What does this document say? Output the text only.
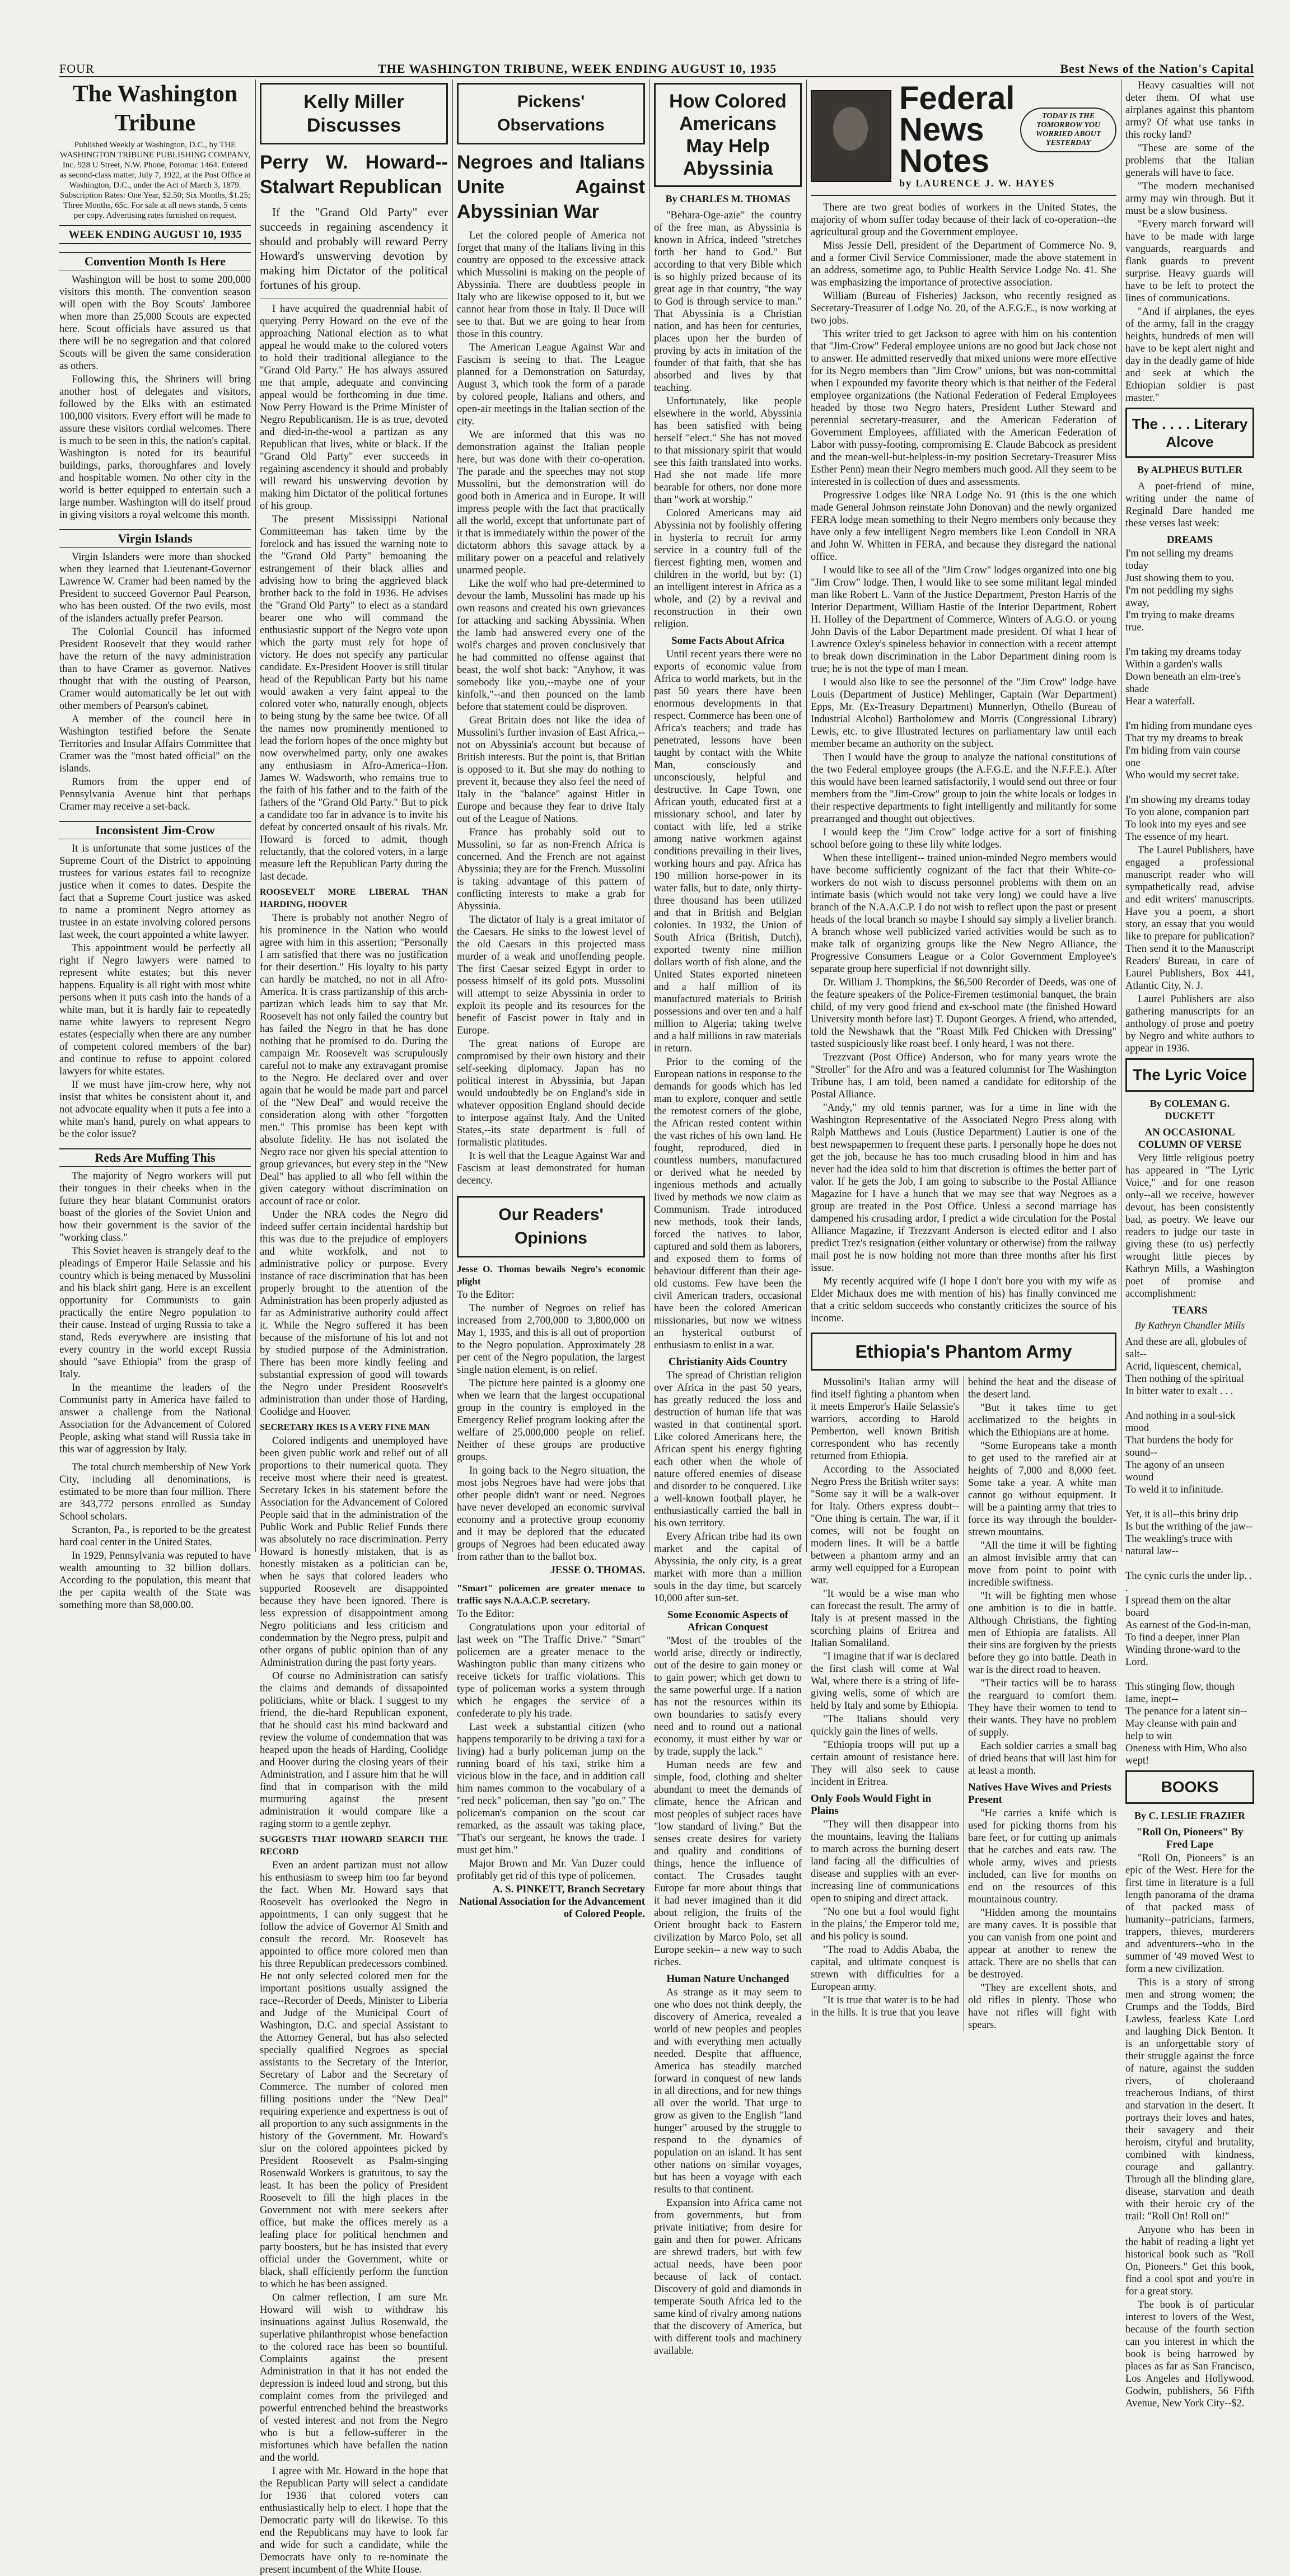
FOUR	THE WASHINGTON TRIBUNE, WEEK ENDING AUGUST 10, 1935	Best News of the Nation's Capital
The Washington Tribune
Published Weekly at Washington, D.C., by THE WASHINGTON TRIBUNE PUBLISHING COMPANY, Inc. 928 U Street, N.W. Phone, Potomac 1464. Entered as second-class matter, July 7, 1922, at the Post Office at Washington, D.C., under the Act of March 3, 1879. Subscription Rates: One Year, $2.50; Six Months, $1.25; Three Months, 65c. For sale at all news stands, 5 cents per copy. Advertising rates furnished on request.
WEEK ENDING AUGUST 10, 1935
Convention Month Is Here

Washington will be host to some 200,000 visitors this month. The convention season will open with the Boy Scouts' Jamboree when more than 25,000 Scouts are expected here. Scout officials have assured us that there will be no segregation and that colored Scouts will be given the same consideration as others.

Following this, the Shriners will bring another host of delegates and visitors, followed by the Elks with an estimated 100,000 visitors. Every effort will be made to assure these visitors cordial welcomes. There is much to be seen in this, the nation's capital. Washington is noted for its beautiful buildings, parks, thoroughfares and lovely and hospitable women. No other city in the world is better equipped to entertain such a large number. Washington will do itself proud in giving visitors a royal welcome this month.

Virgin Islands

Virgin Islanders were more than shocked when they learned that Lieutenant-Governor Lawrence W. Cramer had been named by the President to succeed Governor Paul Pearson, who has been ousted. Of the two evils, most of the islanders actually prefer Pearson.

The Colonial Council has informed President Roosevelt that they would rather have the return of the navy administration than to have Cramer as governor. Natives thought that with the ousting of Pearson, Cramer would automatically be let out with other members of Pearson's cabinet.

A member of the council here in Washington testified before the Senate Territories and Insular Affairs Committee that Cramer was the "most hated official" on the islands.

Rumors from the upper end of Pennsylvania Avenue hint that perhaps Cramer may receive a set-back.

Inconsistent Jim-Crow

It is unfortunate that some justices of the Supreme Court of the District to appointing trustees for various estates fail to recognize justice when it comes to dates. Despite the fact that a Supreme Court justice was asked to name a prominent Negro attorney as trustee in an estate involving colored persons last week, the court appointed a white lawyer.

This appointment would be perfectly all right if Negro lawyers were named to represent white estates; but this never happens. Equality is all right with most white persons when it puts cash into the hands of a white man, but it is hardly fair to repeatedly name white lawyers to represent Negro estates (especially when there are any number of competent colored members of the bar) and continue to refuse to appoint colored lawyers for white estates.

If we must have jim-crow here, why not insist that whites be consistent about it, and not advocate equality when it puts a fee into a white man's hand, purely on what appears to be the color issue?

Reds Are Muffing This

The majority of Negro workers will put their tongues in their cheeks when in the future they hear blatant Communist orators boast of the glories of the Soviet Union and how their government is the savior of the "working class."

This Soviet heaven is strangely deaf to the pleadings of Emperor Haile Selassie and his country which is being menaced by Mussolini and his black shirt gang. Here is an excellent opportunity for Communists to gain practically the entire Negro population to their cause. Instead of urging Russia to take a stand, Reds everywhere are insisting that every country in the world except Russia should "save Ethiopia" from the grasp of Italy.

In the meantime the leaders of the Communist party in America have failed to answer a challenge from the National Association for the Advancement of Colored People, asking what stand will Russia take in this war of aggression by Italy.

The total church membership of New York City, including all denominations, is estimated to be more than four million. There are 343,772 persons enrolled as Sunday School scholars.

Scranton, Pa., is reported to be the greatest hard coal center in the United States.

In 1929, Pennsylvania was reputed to have wealth amounting to 32 billion dollars. According to the population, this meant that the per capita wealth of the State was something more than $8,000.00.

Kelly Miller Discusses
Perry W. Howard-- Stalwart Republican

If the "Grand Old Party" ever succeeds in regaining ascendency it should and probably will reward Perry Howard's unswerving devotion by making him Dictator of the political fortunes of his group.

I have acquired the quadrennial habit of querying Perry Howard on the eve of the approaching National election as to what appeal he would make to the colored voters to hold their traditional allegiance to the "Grand Old Party." He has always assured me that ample, adequate and convincing appeal would be forthcoming in due time. Now Perry Howard is the Prime Minister of Negro Republicanism. He is as true, devoted and died-in-the-wool a partizan as any Republican that lives, white or black. If the "Grand Old Party" ever succeeds in regaining ascendency it should and probably will reward his unswerving devotion by making him Dictator of the political fortunes of his group.

The present Mississippi National Committeeman has taken time by the forelock and has issued the warning note to the "Grand Old Party" bemoaning the estrangement of their black allies and advising how to bring the aggrieved black brother back to the fold in 1936. He advises the "Grand Old Party" to elect as a standard bearer one who will command the enthusiastic support of the Negro vote upon which the party must rely for hope of victory. He does not specify any particular candidate. Ex-President Hoover is still titular head of the Republican Party but his name would awaken a very faint appeal to the colored voter who, naturally enough, objects to being stung by the same bee twice. Of all the names now prominently mentioned to lead the forlorn hopes of the once mighty but now overwhelmed party, only one awakes any enthusiasm in Afro-America--Hon. James W. Wadsworth, who remains true to the faith of his father and to the faith of the fathers of the "Grand Old Party." But to pick a candidate too far in advance is to invite his defeat by concerted onsault of his rivals. Mr. Howard is forced to admit, though reluctantly, that the colored voters, in a large measure left the Republican Party during the last decade.

ROOSEVELT MORE LIBERAL THAN HARDING, HOOVER

There is probably not another Negro of his prominence in the Nation who would agree with him in this assertion; "Personally I am satisfied that there was no justification for their desertion." His loyalty to his party can hardly be matched, no not in all Afro-America. It is crass partizanship of this arch-partizan which leads him to say that Mr. Roosevelt has not only failed the country but has failed the Negro in that he has done nothing that he promised to do. During the campaign Mr. Roosevelt was scrupulously careful not to make any extravagant promise to the Negro. He declared over and over again that he would be made part and parcel of the "New Deal" and would receive the consideration along with other "forgotten men." This promise has been kept with absolute fidelity. He has not isolated the Negro race nor given his special attention to group grievances, but every step in the "New Deal" has applied to all who fell within the given category without discrimination on account of race or color.

Under the NRA codes the Negro did indeed suffer certain incidental hardship but this was due to the prejudice of employers and white workfolk, and not to administrative policy or purpose. Every instance of race discrimination that has been properly brought to the attention of the Administration has been properly adjusted as far as Administrative authority could affect it. While the Negro suffered it has been because of the misfortune of his lot and not by studied purpose of the Administration. There has been more kindly feeling and substantial expression of good will towards the Negro under President Roosevelt's administration than under those of Harding, Coolidge and Hoover.

SECRETARY IKES IS A VERY FINE MAN

Colored indigents and unemployed have been given public work and relief out of all proportions to their numerical quota. They receive most where their need is greatest. Secretary Ickes in his statement before the Association for the Advancement of Colored People said that in the administration of the Public Work and Public Relief Funds there was absolutely no race discrimination. Perry Howard is honestly mistaken, that is as honestly mistaken as a politician can be, when he says that colored leaders who supported Roosevelt are disappointed because they have been ignored. There is less expression of disappointment among Negro politicians and less criticism and condemnation by the Negro press, pulpit and other organs of public opinion than of any Administration during the past forty years.

Of course no Administration can satisfy the claims and demands of dissapointed politicians, white or black. I suggest to my friend, the die-hard Republican exponent, that he should cast his mind backward and review the volume of condemnation that was heaped upon the heads of Harding, Coolidge and Hoover during the closing years of their Administration, and I assure him that he will find that in comparison with the mild murmuring against the present administration it would compare like a raging storm to a gentle zephyr.

SUGGESTS THAT HOWARD SEARCH THE RECORD

Even an ardent partizan must not allow his enthusiasm to sweep him too far beyond the fact. When Mr. Howard says that Roosevelt has overlooked the Negro in appointments, I can only suggest that he follow the advice of Governor Al Smith and consult the record. Mr. Roosevelt has appointed to office more colored men than his three Republican predecessors combined. He not only selected colored men for the important positions usually assigned the race--Recorder of Deeds, Minister to Liberia and Judge of the Municipal Court of Washington, D.C. and special Assistant to the Attorney General, but has also selected specially qualified Negroes as special assistants to the Secretary of the Interior, Secretary of Labor and the Secretary of Commerce. The number of colored men filling positions under the "New Deal" requiring experience and expertness is out of all proportion to any such assignments in the history of the Government. Mr. Howard's slur on the colored appointees picked by President Roosevelt as Psalm-singing Rosenwald Workers is gratuitous, to say the least. It has been the policy of President Roosevelt to fill the high places in the Government not with mere seekers after office, but make the offices merely as a leafing place for political henchmen and party boosters, but he has insisted that every official under the Government, white or black, shall efficiently perform the function to which he has been assigned.

On calmer reflection, I am sure Mr. Howard will wish to withdraw his insinuations against Julius Rosenwald, the superlative philanthropist whose benefaction to the colored race has been so bountiful. Complaints against the present Administration in that it has not ended the depression is indeed loud and strong, but this complaint comes from the privileged and powerful entrenched behind the breastworks of vested interest and not from the Negro who is but a fellow-sufferer in the misfortunes which have befallen the nation and the world.

I agree with Mr. Howard in the hope that the Republican Party will select a candidate for 1936 that colored voters can enthusiastically help to elect. I hope that the Democratic party will do likewise. To this end the Republicans may have to look far and wide for such a candidate, while the Democrats have only to re-nominate the present incumbent of the White House.

Pickens' Observations
Negroes and Italians Unite Against Abyssinian War

Let the colored people of America not forget that many of the Italians living in this country are opposed to the excessive attack which Mussolini is making on the people of Abyssinia. There are doubtless people in Italy who are likewise opposed to it, but we cannot hear from those in Italy. Il Duce will see to that. But we are going to hear from those in this country.

The American League Against War and Fascism is seeing to that. The League planned for a Demonstration on Saturday, August 3, which took the form of a parade by colored people, Italians and others, and open-air meetings in the Italian section of the city.

We are informed that this was no demonstration against the Italian people here, but was done with their co-operation. The parade and the speeches may not stop Mussolini, but the demonstration will do good both in America and in Europe. It will impress people with the fact that practically all the world, except that unfortunate part of it that is immediately within the power of the dictatorm abhors this savage attack by a military power on a peaceful and relatively unarmed people.

Like the wolf who had pre-determined to devour the lamb, Mussolini has made up his own reasons and created his own grievances for attacking and sacking Abyssinia. When the lamb had answered every one of the wolf's charges and proven conclusively that he had committed no offense against that beast, the wolf shot back: "Anyhow, it was somebody like you,--maybe one of your kinfolk,"--and then pounced on the lamb before that statement could be disproven.

Great Britain does not like the idea of Mussolini's further invasion of East Africa,--not on Abyssinia's account but because of British interests. But the point is, that Britian is opposed to it. But she may do nothing to prevent it, because they also feel the need of Italy in the "balance" against Hitler in Europe and because they fear to drive Italy out of the League of Nations.

France has probably sold out to Mussolini, so far as non-French Africa is concerned. And the French are not against Abyssinia; they are for the French. Mussolini is taking advantage of this pattern of conflicting interests to make a grab for Abyssinia.

The dictator of Italy is a great imitator of the Caesars. He sinks to the lowest level of the old Caesars in this projected mass murder of a weak and unoffending people. The first Caesar seized Egypt in order to possess himself of its gold pots. Mussolini will attempt to seize Abyssinia in order to exploit its people and its resources for the benefit of Fascist power in Italy and in Europe.

The great nations of Europe are compromised by their own history and their self-seeking diplomacy. Japan has no political interest in Abyssinia, but Japan would undoubtedly be on England's side in whatever opposition England should decide to interpose against Italy. And the United States,--its state department is full of formalistic platitudes.

It is well that the League Against War and Fascism at least demonstrated for human decency.

Our Readers' Opinions
Jesse O. Thomas bewails Negro's economic plight

To the Editor:

The number of Negroes on relief has increased from 2,700,000 to 3,800,000 on May 1, 1935, and this is all out of proportion to the Negro population. Approximately 28 per cent of the Negro population, the largest single nation element, is on relief.

The picture here painted is a gloomy one when we learn that the largest occupational group in the country is employed in the Emergency Relief program looking after the welfare of 25,000,000 people on relief. Neither of these groups are productive groups.

In going back to the Negro situation, the most jobs Negroes have had were jobs that other people didn't want or need. Negroes have never developed an economic survival economy and a protective group economy and it may be deplored that the educated groups of Negroes had been educated away from rather than to the ballot box.

JESSE O. THOMAS.

"Smart" policemen are greater menace to traffic says N.A.A.C.P. secretary.

To the Editor:

Congratulations upon your editorial of last week on "The Traffic Drive." "Smart" policemen are a greater menace to the Washington public than many citizens who receive tickets for traffic violations. This type of policeman works a system through which he engages the service of a confederate to ply his trade.

Last week a substantial citizen (who happens temporarily to be driving a taxi for a living) had a burly policeman jump on the running board of his taxi, strike him a vicious blow in the face, and in addition call him names common to the vocabulary of a "red neck" policeman, then say "go on." The policeman's companion on the scout car remarked, as the assault was taking place, "That's our sergeant, he knows the trade. I must get him."

Major Brown and Mr. Van Duzer could profitably get rid of this type of policemen.

A. S. PINKETT, Branch Secretary National Association for the Advancement of Colored People.

How Colored Americans May Help Abyssinia
By CHARLES M. THOMAS

"Behara-Oge-azie" the country of the free man, as Abyssinia is known in Africa, indeed "stretches forth her hand to God." But according to that very Bible which is so highly prized because of its great age in that country, "the way to God is through service to man." That Abyssinia is a Christian nation, and has been for centuries, places upon her the burden of proving by acts in imitation of the founder of that faith, that she has absorbed and lives by that teaching.

Unfortunately, like people elsewhere in the world, Abyssinia has been satisfied with being herself "elect." She has not moved to that missionary spirit that would see this faith translated into works. Had she not made life more bearable for others, nor done more than "work at worship."

Colored Americans may aid Abyssinia not by foolishly offering in hysteria to recruit for army service in a country full of the fiercest fighting men, women and children in the world, but by: (1) an intelligent interest in Africa as a whole, and (2) by a revival and reconstruction in their own religion.

Some Facts About Africa

Until recent years there were no exports of economic value from Africa to world markets, but in the past 50 years there have been enormous developments in that respect. Commerce has been one of Africa's teachers; and trade has penetrated, lessons have been taught by contact with the White Man, consciously and unconsciously, helpful and destructive. In Cape Town, one African youth, educated first at a missionary school, and later by contact with life, led a strike among native workmen against conditions prevailing in their lives, working hours and pay. Africa has 190 million horse-power in its water falls, but to date, only thirty-three thousand has been utilized and that in British and Belgian colonies. In 1932, the Union of South Africa (British, Dutch), exported twenty nine million dollars worth of fish alone, and the United States exported nineteen and a half million of its manufactured materials to British possessions and over ten and a half million to Algeria; taking twelve and a half millions in raw materials in return.

Prior to the coming of the European nations in response to the demands for goods which has led man to explore, conquer and settle the remotest corners of the globe, the African rested content within the vast riches of his own land. He fought, reproduced, died in countless numbers, manufactured or derived what he needed by ingenious methods and actually lived by methods we now claim as Communism. Trade introduced new methods, took their lands, forced the natives to labor, captured and sold them as laborers, and exposed them to forms of behaviour different than their age-old customs. Few have been the civil American traders, occasional have been the colored American missionaries, but now we witness an hysterical outburst of enthusiasm to enlist in a war.

Christianity Aids Country

The spread of Christian religion over Africa in the past 50 years, has greatly reduced the loss and destruction of human life that was wasted in that continental sport. Like colored Americans here, the African spent his energy fighting each other when the whole of nature offered enemies of disease and disorder to be conquered. Like a well-known football player, he enthusiastically carried the ball in his own territory.

Every African tribe had its own market and the capital of Abyssinia, the only city, is a great market with more than a million souls in the day time, but scarcely 10,000 after sun-set.

Some Economic Aspects of African Conquest

"Most of the troubles of the world arise, directly or indirectly, out of the desire to gain money or to gain power; which get down to the same powerful urge. If a nation has not the resources within its own boundaries to satisfy every need and to round out a national economy, it must either by war or by trade, supply the lack."

Human needs are few and simple, food, clothing and shelter abundant to meet the demands of climate, hence the African and most peoples of subject races have "low standard of living." But the senses create desires for variety and quality and conditions of things, hence the influence of contact. The Crusades taught Europe far more about things that it had never imagined than it did about religion, the fruits of the Orient brought back to Eastern civilization by Marco Polo, set all Europe seekin-- a new way to such riches.

Human Nature Unchanged

As strange as it may seem to one who does not think deeply, the discovery of America, revealed a world of new peoples and peoples and with everything men actually needed. Despite that affluence, America has steadily marched forward in conquest of new lands in all directions, and for new things all over the world. That urge to grow as given to the English "land hunger" aroused by the struggle to respond to the dynamics of population on an island. It has sent other nations on similar voyages, but has been a voyage with each results to that continent.

Expansion into Africa came not from governments, but from private initiative; from desire for gain and then for power. Africans are shrewd traders, but with few actual needs, have been poor because of lack of contact. Discovery of gold and diamonds in temperate South Africa led to the same kind of rivalry among nations that the discovery of America, but with different tools and machinery available.

Federal News Notes
TODAY IS THE TOMORROW YOU WORRIED ABOUT YESTERDAY
by LAURENCE J. W. HAYES

There are two great bodies of workers in the United States, the majority of whom suffer today because of their lack of co-operation--the agricultural group and the Government employee.

Miss Jessie Dell, president of the Department of Commerce No. 9, and a former Civil Service Commissioner, made the above statement in an address, sometime ago, to Public Health Service Lodge No. 41. She was emphasizing the importance of protective association.

William (Bureau of Fisheries) Jackson, who recently resigned as Secretary-Treasurer of Lodge No. 20, of the A.F.G.E., is now working at two jobs.

This writer tried to get Jackson to agree with him on his contention that "Jim-Crow" Federal employee unions are no good but Jack chose not to answer. He admitted reservedly that mixed unions were more effective for its Negro members than "Jim Crow" unions, but was non-committal when I expounded my favorite theory which is that neither of the Federal employee organizations (the National Federation of Federal Employees headed by those two Negro haters, President Luther Steward and perennial secretary-treasurer, and the American Federation of Government Employees, affiliated with the American Federation of Labor with pussy-footing, compromising E. Claude Babcock as president and the mean-well-but-helpless-in-my position Secretary-Treasurer Miss Esther Penn) mean their Negro members much good. All they seem to be interested in is collection of dues and assessments.

Progressive Lodges like NRA Lodge No. 91 (this is the one which made General Johnson reinstate John Donovan) and the newly organized FERA lodge mean something to their Negro members only because they have only a few intelligent Negro members like Leon Condoll in NRA and John W. Whitten in FERA, and because they disregard the national office.

I would like to see all of the "Jim Crow" lodges organized into one big "Jim Crow" lodge. Then, I would like to see some militant legal minded man like Robert L. Vann of the Justice Department, Preston Harris of the Interior Department, William Hastie of the Interior Department, Robert H. Holley of the Department of Commerce, Winters of A.G.O. or young John Davis of the Labor Department made president. Of what I hear of Lawrence Oxley's spineless behavior in connection with a recent attempt to break down discrimination in the Labor Department dining room is true; he is not the type of man I mean.

I would also like to see the personnel of the "Jim Crow" lodge have Louis (Department of Justice) Mehlinger, Captain (War Department) Epps, Mr. (Ex-Treasury Department) Munnerlyn, Othello (Bureau of Industrial Alcohol) Bartholomew and Morris (Congressional Library) Lewis, etc. to give Illustrated lectures on parliamentary law until each member became an authority on the subject.

Then I would have the group to analyze the national constitutions of the two Federal employee groups (the A.F.G.E. and the N.F.F.E.). After this would have been learned satisfactorily, I would send out three or four members from the "Jim-Crow" group to join the white locals or lodges in their respective departments to fight intelligently and militantly for some prearranged and thought out objectives.

I would keep the "Jim Crow" lodge active for a sort of finishing school before going to these lily white lodges.

When these intelligent-- trained union-minded Negro members would have become sufficiently cognizant of the fact that their White-co-workers do not wish to discuss personnel problems with them on an intimate basis (which would not take very long) we could have a live branch of the N.A.A.C.P. I do not wish to reflect upon the past or present heads of the local branch so maybe I should say simply a livelier branch. A branch whose well publicized varied activities would be such as to make talk of organizing groups like the New Negro Alliance, the Progressive Consumers League or a Color Government Employee's separate group here superficial if not downright silly.

Dr. William J. Thompkins, the $6,500 Recorder of Deeds, was one of the feature speakers of the Police-Firemen testimonial banquet, the brain child, of my very good friend and ex-school mate (the finished Howard University month before last) T. Dupont Georges. A friend, who attended, told the Newshawk that the "Roast Milk Fed Chicken with Dressing" tasted suspiciously like roast beef. I only heard, I was not there.

Trezzvant (Post Office) Anderson, who for many years wrote the "Stroller" for the Afro and was a featured columnist for The Washington Tribune has, I am told, been named a candidate for editorship of the Postal Alliance.

"Andy," my old tennis partner, was for a time in line with the Washington Representative of the Associated Negro Press along with Ralph Matthews and Louis (Justice Department) Lautier is one of the best newspapermen to frequent these parts. I personally hope he does not get the job, because he has too much crusading blood in him and has never had the idea sold to him that discretion is oftimes the better part of valor. If he gets the Job, I am going to subscribe to the Postal Alliance Magazine for I have a hunch that we may see that way Negroes as a group are treated in the Post Office. Unless a second marriage has dampened his crusading ardor, I predict a wide circulation for the Postal Alliance Magazine, if Trezzvant Anderson is elected editor and I also predict Trez's resignation (either voluntary or otherwise) from the railway mail post he is now holding not more than three months after his first issue.

My recently acquired wife (I hope I don't bore you with my wife as Elder Michaux does me with mention of his) has finally convinced me that a critic seldom succeeds who constantly criticizes the source of his income.

Ethiopia's Phantom Army

Mussolini's Italian army will find itself fighting a phantom when it meets Emperor's Haile Selassie's warriors, according to Harold Pemberton, well known British correspondent who has recently returned from Ethiopia.

According to the Associated Negro Press the British writer says: "Some say it will be a walk-over for Italy. Others express doubt--"One thing is certain. The war, if it comes, will not be fought on modern lines. It will be a battle between a phantom army and an army well equipped for a European war.

"It would be a wise man who can forecast the result. The army of Italy is at present massed in the scorching plains of Eritrea and Italian Somaliland.

"I imagine that if war is declared the first clash will come at Wal Wal, where there is a string of life-giving wells, some of which are held by Italy and some by Ethiopia.

"The Italians should very quickly gain the lines of wells.

"Ethiopia troops will put up a certain amount of resistance here. They will also seek to cause incident in Eritrea.

Only Fools Would Fight in Plains

"They will then disappear into the mountains, leaving the Italians to march across the burning desert land facing all the difficulties of disease and supplies with an ever-increasing line of communications open to sniping and direct attack.

"No one but a fool would fight in the plains,' the Emperor told me, and his policy is sound.

"The road to Addis Ababa, the capital, and ultimate conquest is strewn with difficulties for a European army.

"It is true that water is to be had in the hills. It is true that you leave behind the heat and the disease of the desert land.

"But it takes time to get acclimatized to the heights in which the Ethiopians are at home.

"Some Europeans take a month to get used to the rarefied air at heights of 7,000 and 8,000 feet. Some take a year. A white man cannot go without equipment. It will be a painting army that tries to force its way through the boulder-strewn mountains.

"All the time it will be fighting an almost invisible army that can move from point to point with incredible swiftness.

"It will be fighting men whose one ambition is to die in battle. Although Christians, the fighting men of Ethiopia are fatalists. All their sins are forgiven by the priests before they go into battle. Death in war is the direct road to heaven.

"Their tactics will be to harass the rearguard to comfort them. They have their women to tend to their wants. They have no problem of supply.

Each soldier carries a small bag of dried beans that will last him for at least a month.

Natives Have Wives and Priests Present

"He carries a knife which is used for picking thorns from his bare feet, or for cutting up animals that he catches and eats raw. The whole army, wives and priests included, can live for months on end on the resources of this mountainous country.

"Hidden among the mountains are many caves. It is possible that you can vanish from one point and appear at another to renew the attack. There are no shells that can be destroyed.

"They are excellent shots, and old rifles in plenty. Those who have not rifles will fight with spears.

Heavy casualties will not deter them. Of what use airplanes against this phantom army? Of what use tanks in this rocky land?

"These are some of the problems that the Italian generals will have to face.

"The modern mechanised army may win through. But it must be a slow business.

"Every march forward will have to be made with large vanguards, rearguards and flank guards to prevent surprise. Heavy guards will have to be left to protect the lines of communications.

"And if airplanes, the eyes of the army, fall in the craggy heights, hundreds of men will have to be kept alert night and day in the deadly game of hide and seek at which the Ethiopian soldier is past master."

The . . . . Literary Alcove
By ALPHEUS BUTLER

A poet-friend of mine, writing under the name of Reginald Dare handed me these verses last week:

DREAMS

I'm not selling my dreams today
Just showing them to you.
I'm not peddling my sighs away,
I'm trying to make dreams true.

I'm taking my dreams today
Within a garden's walls
Down beneath an elm-tree's shade
Hear a waterfall.

I'm hiding from mundane eyes
That try my dreams to break
I'm hiding from vain course one
Who would my secret take.

I'm showing my dreams today
To you alone, companion part
To look into my eyes and see
The essence of my heart.

The Laurel Publishers, have engaged a professional manuscript reader who will sympathetically read, advise and edit writers' manuscripts. Have you a poem, a short story, an essay that you would like to prepare for publication? Then send it to the Manuscript Readers' Bureau, in care of Laurel Publishers, Box 441, Atlantic City, N. J.

Laurel Publishers are also gathering manuscripts for an anthology of prose and poetry by Negro and white authors to appear in 1936.

The Lyric Voice
By COLEMAN G. DUCKETT
AN OCCASIONAL COLUMN OF VERSE

Very little religious poetry has appeared in "The Lyric Voice," and for one reason only--all we receive, however devout, has been consistently bad, as poetry. We leave our readers to judge our taste in giving these (to us) perfectly wrought little pieces by Kathryn Mills, a Washington poet of promise and accomplishment:

TEARS
By Kathryn Chandler Mills

And these are all, globules of salt--
Acrid, liquescent, chemical,
Then nothing of the spiritual
In bitter water to exalt . . .

And nothing in a soul-sick mood
That burdens the body for sound--
The agony of an unseen wound
To weld it to infinitude.

Yet, it is all--this briny drip
Is but the writhing of the jaw--
The weakling's truce with natural law--

The cynic curls the under lip. . .
I spread them on the altar board
As earnest of the God-in-man,
To find a deeper, inner Plan
Winding throne-ward to the Lord.

This stinging flow, though lame, inept--
The penance for a latent sin--
May cleanse with pain and help to win
Oneness with Him, Who also wept!

BOOKS
By C. LESLIE FRAZIER
"Roll On, Pioneers" By Fred Lape

"Roll On, Pioneers" is an epic of the West. Here for the first time in literature is a full length panorama of the drama of that packed mass of humanity--patricians, farmers, trappers, thieves, murderers and adventurers--who in the summer of '49 moved West to form a new civilization.

This is a story of strong men and strong women; the Crumps and the Todds, Bird Lawless, fearless Kate Lord and laughing Dick Benton. It is an unforgettable story of their struggle against the force of nature, against the sudden rivers, of choleraand treacherous Indians, of thirst and starvation in the desert. It portrays their loves and hates, their savagery and their heroism, cityful and brutality, combined with kindness, courage and gallantry. Through all the blinding glare, disease, starvation and death with their heroic cry of the trail: "Roll On! Roll on!"

Anyone who has been in the habit of reading a light yet historical book such as "Roll On, Pioneers." Get this book, find a cool spot and you're in for a great story.

The book is of particular interest to lovers of the West, because of the fourth section can you interest in which the book is being harrowed by places as far as San Francisco, Los Angeles and Hollywood. Godwin, publishers, 56 Fifth Avenue, New York City--$2.
